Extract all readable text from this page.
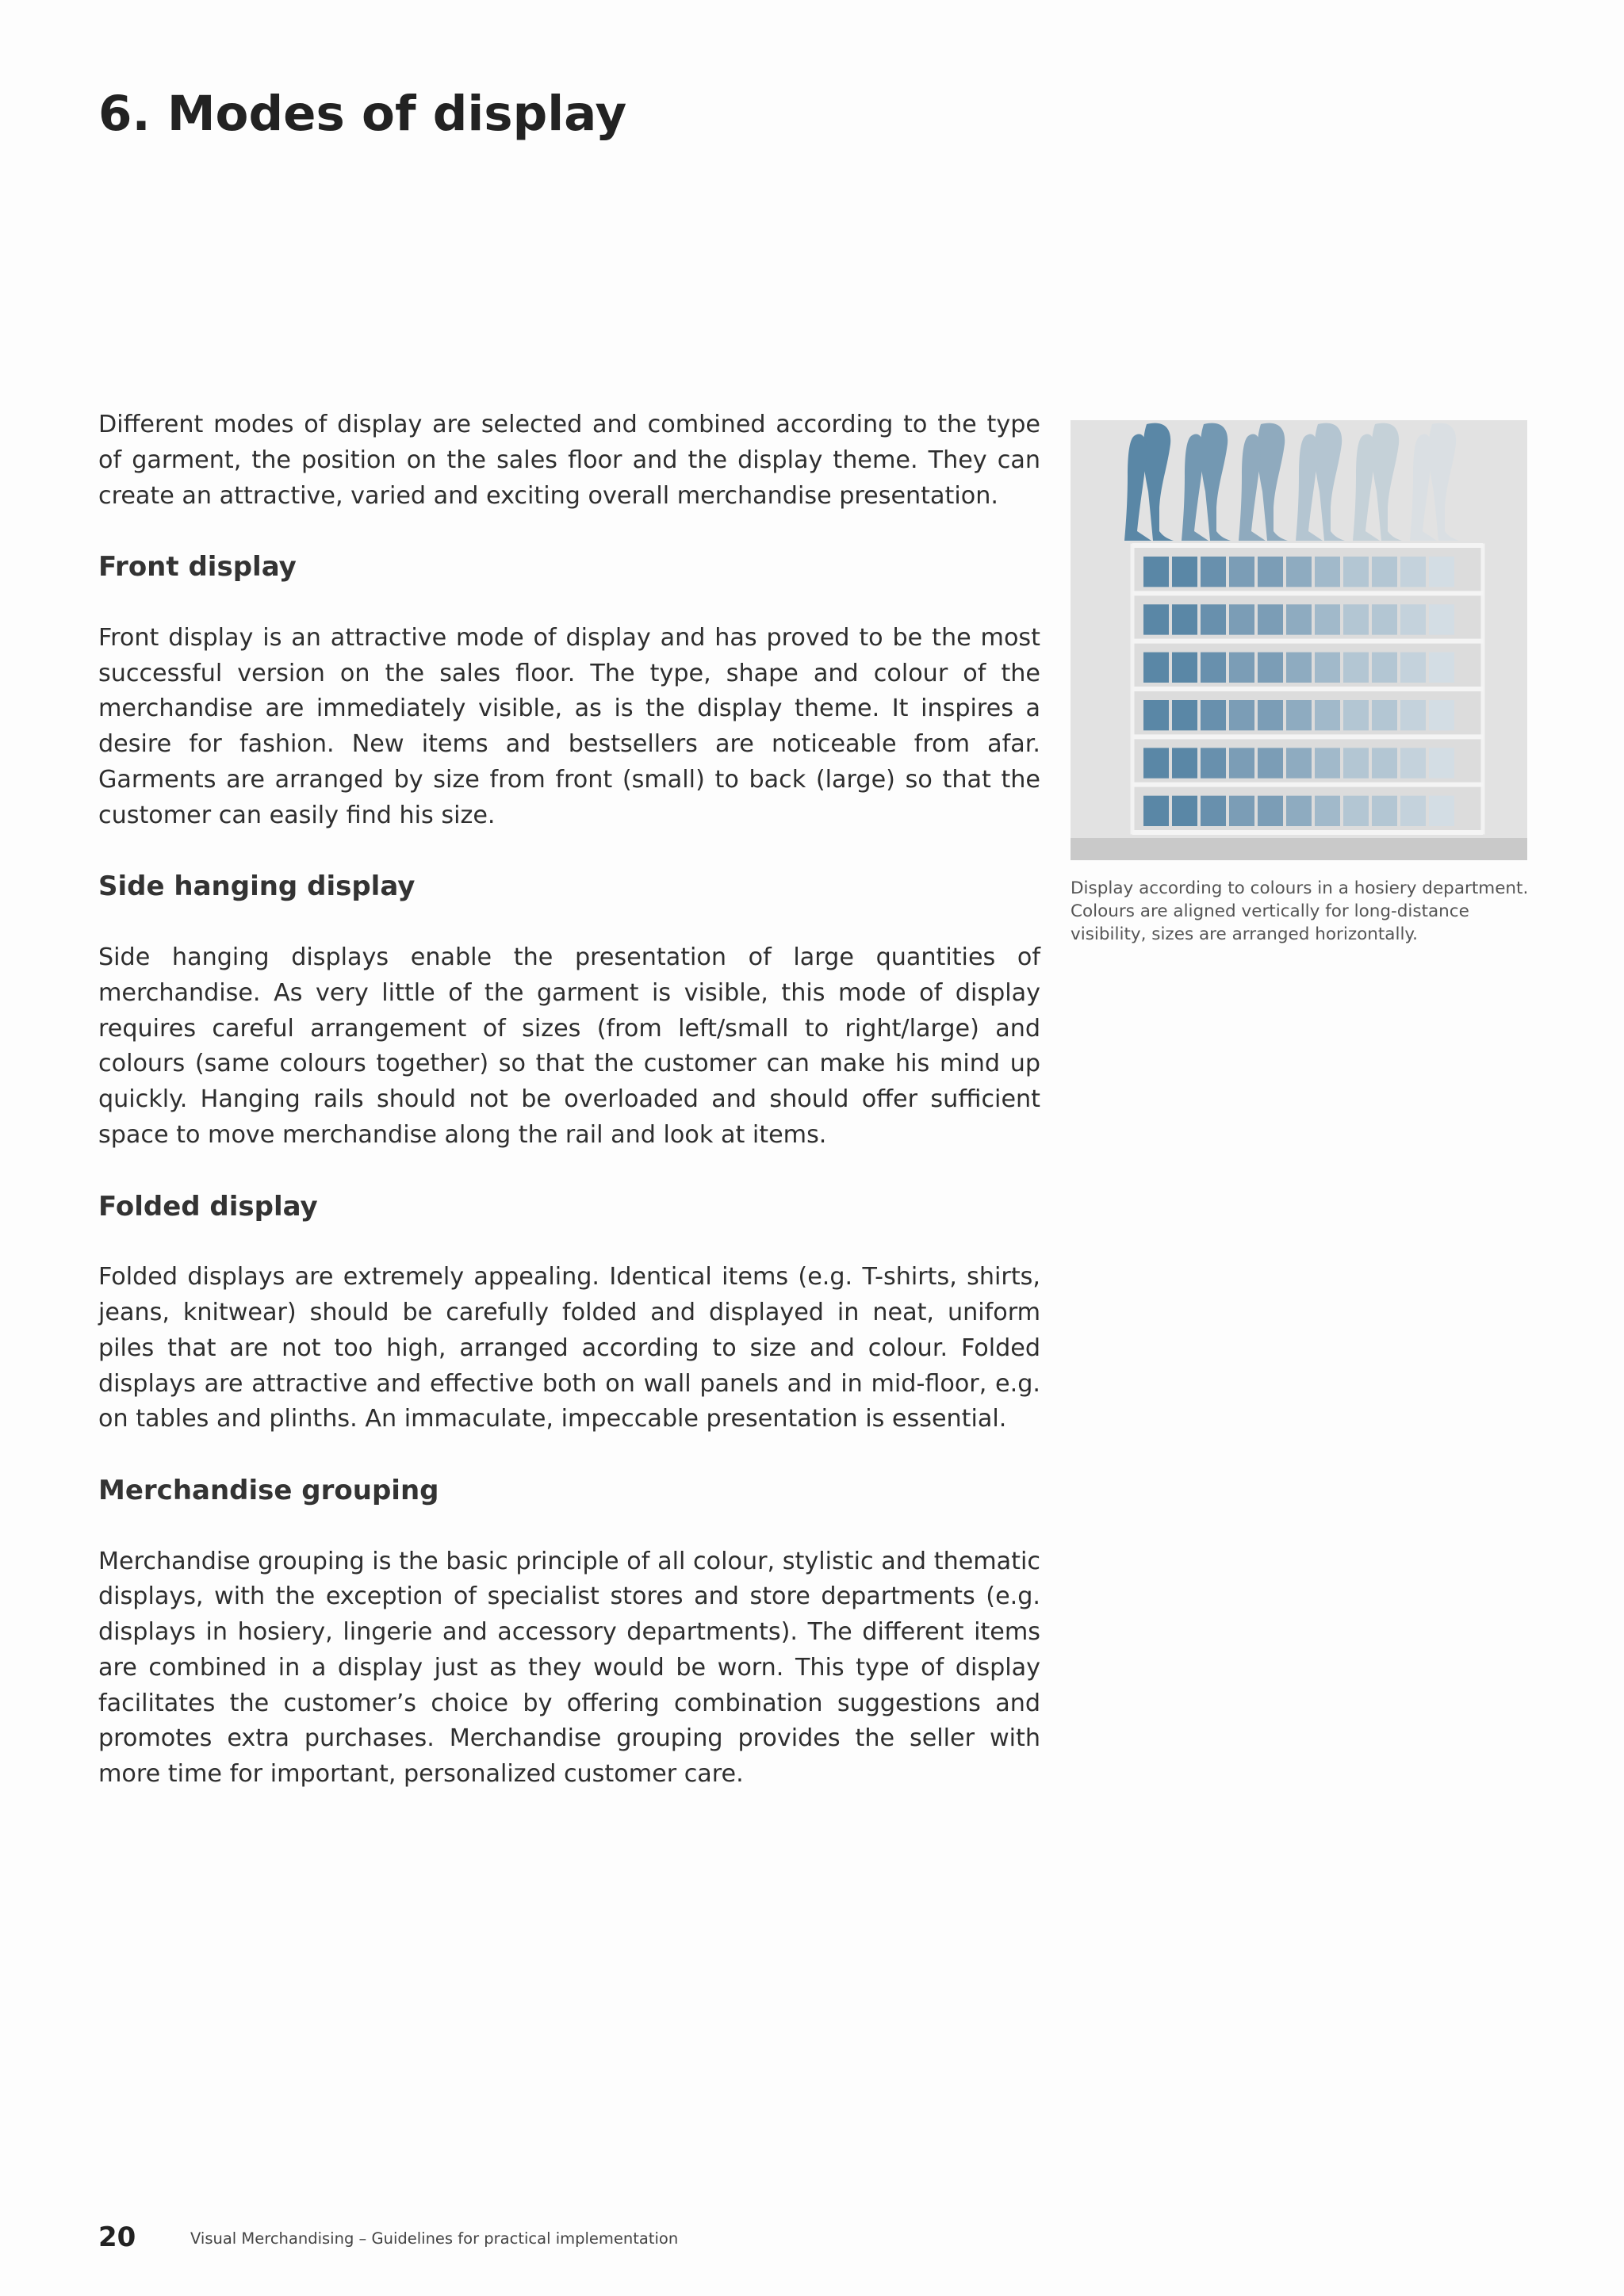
6. Modes of display

Different modes of display are selected and combined according to the type of garment, the position on the sales floor and the display theme. They can create an attractive, varied and exciting overall merchandise presentation.

Front display

Front display is an attractive mode of display and has proved to be the most successful version on the sales floor. The type, shape and colour of the merchandise are immediately visible, as is the display theme. It inspires a desire for fashion. New items and bestsellers are noticeable from afar. Garments are arranged by size from front (small) to back (large) so that the customer can easily find his size.

Side hanging display

Side hanging displays enable the presentation of large quantities of merchandise. As very little of the garment is visible, this mode of display requires careful arrangement of sizes (from left/small to right/large) and colours (same colours together) so that the customer can make his mind up quickly. Hanging rails should not be overloaded and should offer sufficient space to move merchandise along the rail and look at items.

Folded display

Folded displays are extremely appealing. Identical items (e.g. T-shirts, shirts, jeans, knitwear) should be carefully folded and displayed in neat, uniform piles that are not too high, arranged according to size and colour. Folded displays are attractive and effective both on wall panels and in mid-floor, e.g. on tables and plinths. An immaculate, impeccable presentation is essential.

Merchandise grouping

Merchandise grouping is the basic principle of all colour, stylistic and thematic displays, with the exception of specialist stores and store departments (e.g. displays in hosiery, lingerie and accessory departments). The different items are combined in a display just as they would be worn. This type of display facilitates the customer’s choice by offering combination suggestions and promotes extra purchases. Merchandise grouping provides the seller with more time for important, personalized customer care.

Display according to colours in a hosiery department. Colours are aligned vertically for long-distance visibility, sizes are arranged horizontally.

20	Visual Merchandising – Guidelines for practical implementation
